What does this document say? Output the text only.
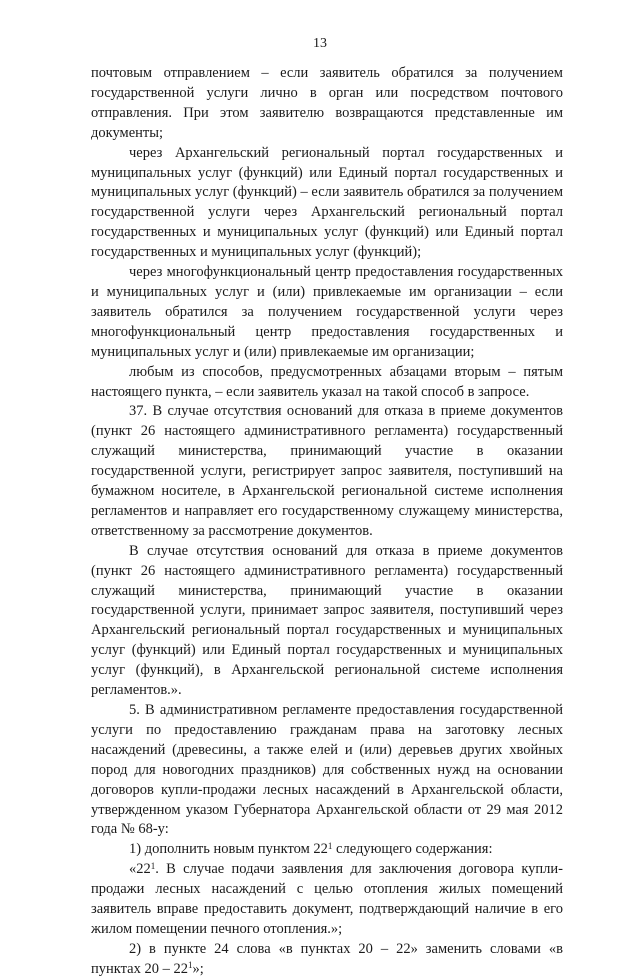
13

почтовым отправлением – если заявитель обратился за получением государственной услуги лично в орган или посредством почтового отправления. При этом заявителю возвращаются представленные им документы;

через Архангельский региональный портал государственных и муниципальных услуг (функций) или Единый портал государственных и муниципальных услуг (функций) – если заявитель обратился за получением государственной услуги через Архангельский региональный портал государственных и муниципальных услуг (функций) или Единый портал государственных и муниципальных услуг (функций);

через многофункциональный центр предоставления государственных и муниципальных услуг и (или) привлекаемые им организации – если заявитель обратился за получением государственной услуги через многофункциональный центр предоставления государственных и муниципальных услуг и (или) привлекаемые им организации;

любым из способов, предусмотренных абзацами вторым – пятым настоящего пункта, – если заявитель указал на такой способ в запросе.

37. В случае отсутствия оснований для отказа в приеме документов (пункт 26 настоящего административного регламента) государственный служащий министерства, принимающий участие в оказании государственной услуги, регистрирует запрос заявителя, поступивший на бумажном носителе, в Архангельской региональной системе исполнения регламентов и направляет его государственному служащему министерства, ответственному за рассмотрение документов.

В случае отсутствия оснований для отказа в приеме документов (пункт 26 настоящего административного регламента) государственный служащий министерства, принимающий участие в оказании государственной услуги, принимает запрос заявителя, поступивший через Архангельский региональный портал государственных и муниципальных услуг (функций) или Единый портал государственных и муниципальных услуг (функций), в Архангельской региональной системе исполнения регламентов.».

5. В административном регламенте предоставления государственной услуги по предоставлению гражданам права на заготовку лесных насаждений (древесины, а также елей и (или) деревьев других хвойных пород для новогодних праздников) для собственных нужд на основании договоров купли-продажи лесных насаждений в Архангельской области, утвержденном указом Губернатора Архангельской области от 29 мая 2012 года № 68-у:

1) дополнить новым пунктом $22^1$ следующего содержания:

«$22^1$. В случае подачи заявления для заключения договора купли-продажи лесных насаждений с целью отопления жилых помещений заявитель вправе предоставить документ, подтверждающий наличие в его жилом помещении печного отопления.»;

2) в пункте 24 слова «в пунктах 20 – 22» заменить словами «в пунктах $20 - 22^1$»;
